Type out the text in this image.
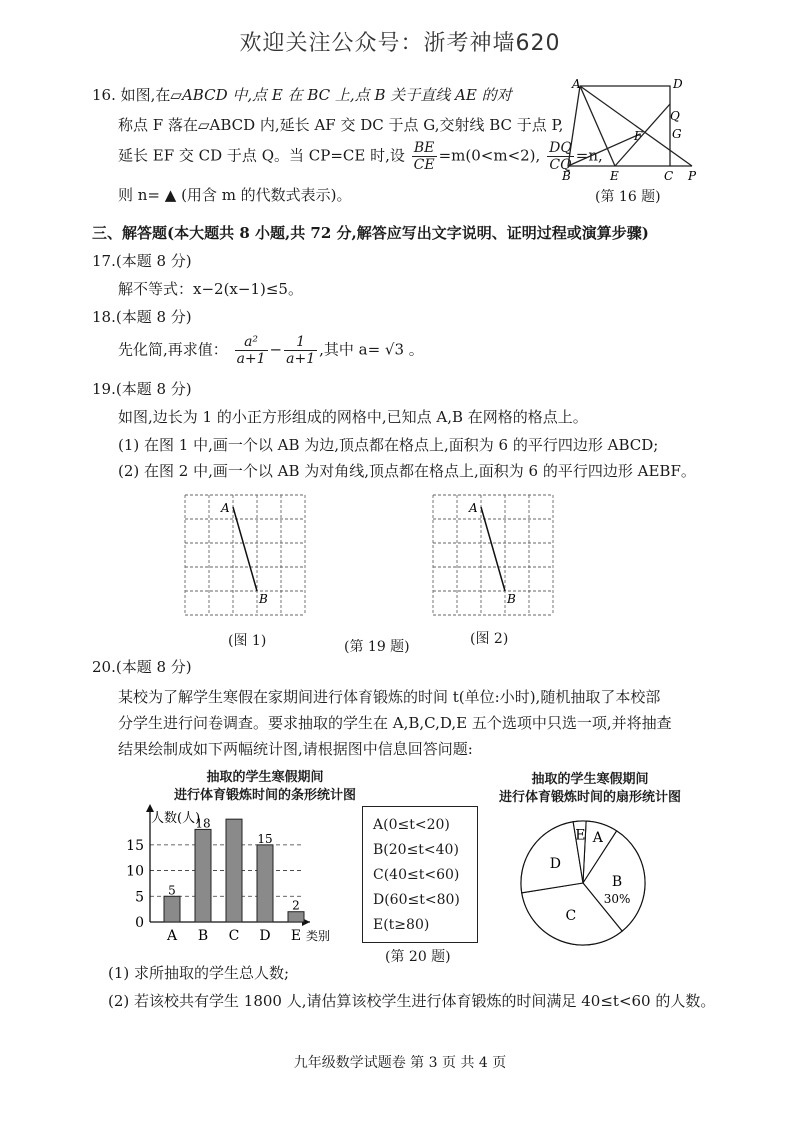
欢迎关注公众号：浙考神墙620
16. 如图,在▱ABCD 中,点 E 在 BC 上,点 B 关于直线 AE 的对
称点 F 落在▱ABCD 内,延长 AF 交 DC 于点 G,交射线 BC 于点 P,
延长 EF 交 CD 于点 Q。当 CP=CE 时,设 $\frac{BE}{CE} =m(0<m<2)$, $\frac{DQ}{CQ} =n$,
则 n= ▲ (用含 m 的代数式表示)。
A	D
Q
F G
B	E	C P
(第 16 题)
三、解答题(本大题共 8 小题,共 72 分,解答应写出文字说明、证明过程或演算步骤)
17.(本题 8 分)
解不等式：x−2(x−1)≤5。
18.(本题 8 分)
先化简,再求值： $\frac{\text{a²}}{a+1} - \frac{1}{a+1}$ ,其中 a= √3 。
19.(本题 8 分)
如图,边长为 1 的小正方形组成的网格中,已知点 A,B 在网格的格点上。
(1) 在图 1 中,画一个以 AB 为边,顶点都在格点上,面积为 6 的平行四边形 ABCD;
(2) 在图 2 中,画一个以 AB 为对角线,顶点都在格点上,面积为 6 的平行四边形 AEBF。
A
B
A
B
(图 1)	(第 19 题)	(图 2)
20.(本题 8 分)
某校为了解学生寒假在家期间进行体育锻炼的时间 t(单位:小时),随机抽取了本校部
分学生进行问卷调查。要求抽取的学生在 A,B,C,D,E 五个选项中只选一项,并将抽查
结果绘制成如下两幅统计图,请根据图中信息回答问题:
抽取的学生寒假期间
进行体育锻炼时间的条形统计图
抽取的学生寒假期间
进行体育锻炼时间的扇形统计图
0
5
10
15
人数(人)
类别
5
A
18
B C
15
D
2
E
A(0≤t<20)
B(20≤t<40)
C(40≤t<60)
D(60≤t<80)
E(t≥80)
(第 20 题)
A
B
30%
C
D
E
(1) 求所抽取的学生总人数;
(2) 若该校共有学生 1800 人,请估算该校学生进行体育锻炼的时间满足 40≤t<60 的人数。
九年级数学试题卷 第 3 页 共 4 页
